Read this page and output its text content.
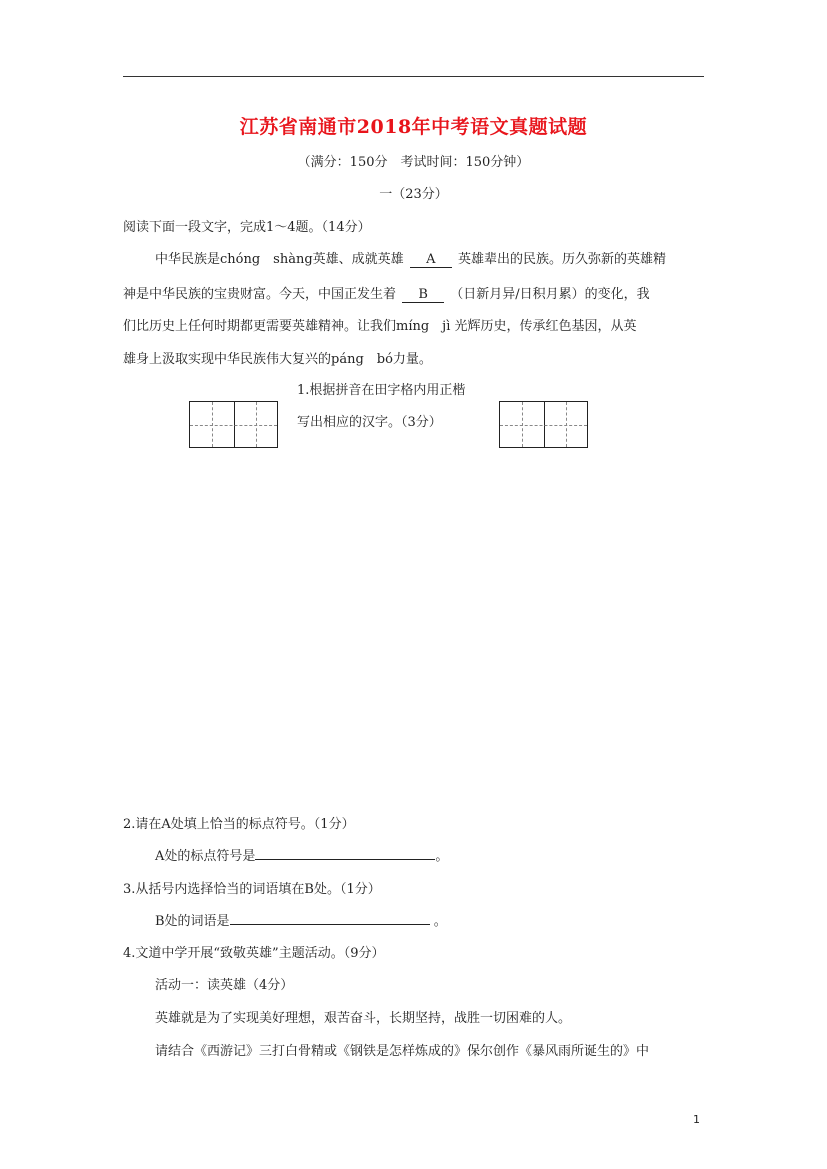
江苏省南通市2018年中考语文真题试题
（满分：150分　考试时间：150分钟）
一（23分）
阅读下面一段文字，完成1～4题。（14分）
中华民族是chóng　shàng英雄、成就英雄 A 英雄辈出的民族。历久弥新的英雄精
神是中华民族的宝贵财富。今天，中国正发生着 B （日新月异/日积月累）的变化，我
们比历史上任何时期都更需要英雄精神。让我们míng　jì 光辉历史，传承红色基因，从英
雄身上汲取实现中华民族伟大复兴的páng　bó力量。
1.根据拼音在田字格内用正楷
写出相应的汉字。（3分）
2.请在A处填上恰当的标点符号。（1分）
A处的标点符号是	。
3.从括号内选择恰当的词语填在B处。（1分）
B处的词语是	。
4.文道中学开展“致敬英雄”主题活动。（9分）
活动一：读英雄（4分）
英雄就是为了实现美好理想，艰苦奋斗，长期坚持，战胜一切困难的人。
请结合《西游记》三打白骨精或《钢铁是怎样炼成的》保尔创作《暴风雨所诞生的》中
1
